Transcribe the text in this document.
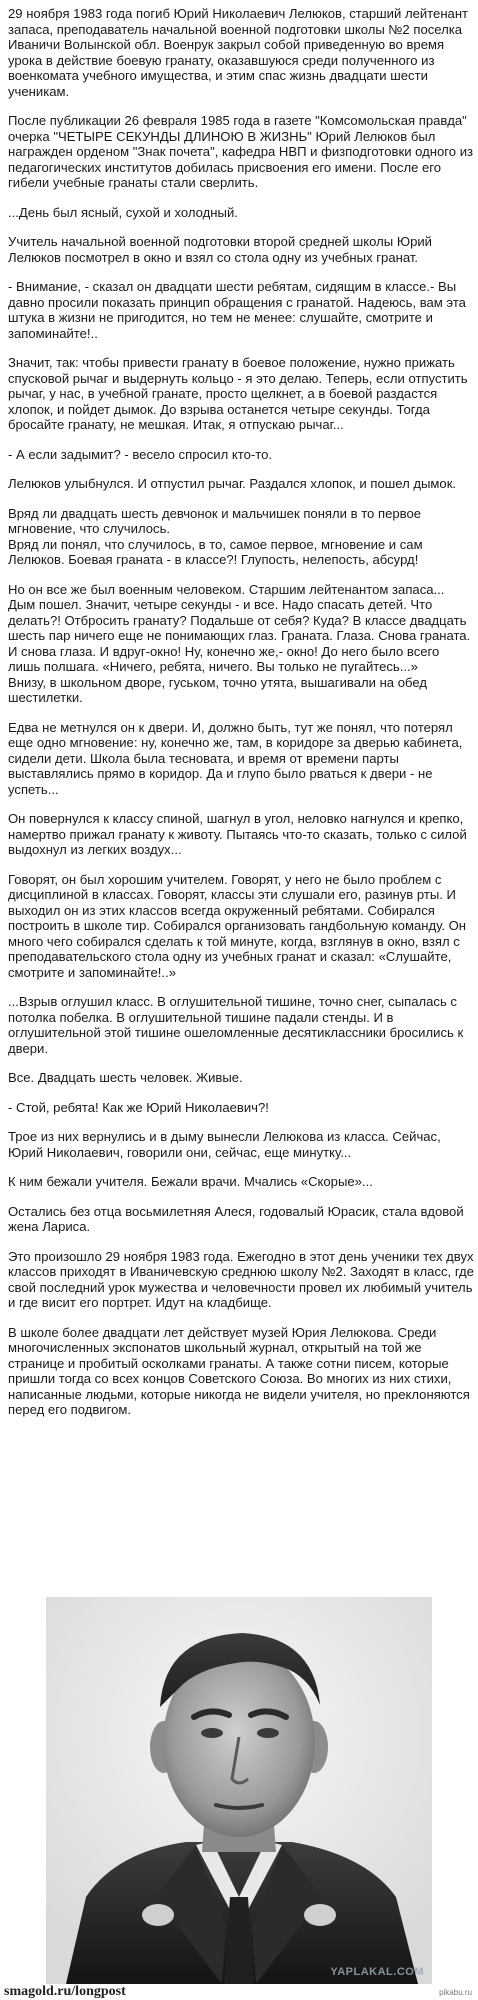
29 ноября 1983 года погиб Юрий Николаевич Лелюков, старший лейтенант запаса, преподаватель начальной военной подготовки школы №2 поселка Иваничи Волынской обл. Военрук закрыл собой приведенную во время урока в действие боевую гранату, оказавшуюся среди полученного из военкомата учебного имущества, и этим спас жизнь двадцати шести ученикам.

После публикации 26 февраля 1985 года в газете "Комсомольская правда" очерка "ЧЕТЫРЕ СЕКУНДЫ ДЛИНОЮ В ЖИЗНЬ" Юрий Лелюков был награжден орденом "Знак почета", кафедра НВП и физподготовки одного из педагогических институтов добилась присвоения его имени. После его гибели учебные гранаты стали сверлить.

...День был ясный, сухой и холодный.

Учитель начальной военной подготовки второй средней школы Юрий Лелюков посмотрел в окно и взял со стола одну из учебных гранат.

- Внимание, - сказал он двадцати шести ребятам, сидящим в классе.- Вы давно просили показать принцип обращения с гранатой. Надеюсь, вам эта штука в жизни не пригодится, но тем не менее: слушайте, смотрите и запоминайте!..

Значит, так: чтобы привести гранату в боевое положение, нужно прижать спусковой рычаг и выдернуть кольцо - я это делаю. Теперь, если отпустить рычаг, у нас, в учебной гранате, просто щелкнет, а в боевой раздастся хлопок, и пойдет дымок. До взрыва останется четыре секунды. Тогда бросайте гранату, не мешкая. Итак, я отпускаю рычаг...

- А если задымит? - весело спросил кто-то.

Лелюков улыбнулся. И отпустил рычаг. Раздался хлопок, и пошел дымок.

Вряд ли двадцать шесть девчонок и мальчишек поняли в то первое мгновение, что случилось.
Вряд ли понял, что случилось, в то, самое первое, мгновение и сам Лелюков. Боевая граната - в классе?! Глупость, нелепость, абсурд!

Но он все же был военным человеком. Старшим лейтенантом запаса... Дым пошел. Значит, четыре секунды - и все. Надо спасать детей. Что делать?! Отбросить гранату? Подальше от себя? Куда? В классе двадцать шесть пар ничего еще не понимающих глаз. Граната. Глаза. Снова граната. И снова глаза. И вдруг-окно! Ну, конечно же,- окно! До него было всего лишь полшага. «Ничего, ребята, ничего. Вы только не пугайтесь...»
Внизу, в школьном дворе, гуськом, точно утята, вышагивали на обед шестилетки.

Едва не метнулся он к двери. И, должно быть, тут же понял, что потерял еще одно мгновение: ну, конечно же, там, в коридоре за дверью кабинета, сидели дети. Школа была тесновата, и время от времени парты выставлялись прямо в коридор. Да и глупо было рваться к двери - не успеть...

Он повернулся к классу спиной, шагнул в угол, неловко нагнулся и крепко, намертво прижал гранату к животу. Пытаясь что-то сказать, только с силой выдохнул из легких воздух...

Говорят, он был хорошим учителем. Говорят, у него не было проблем с дисциплиной в классах. Говорят, классы эти слушали его, разинув рты. И выходил он из этих классов всегда окруженный ребятами. Собирался построить в школе тир. Собирался организовать гандбольную команду. Он много чего собирался сделать к той минуте, когда, взглянув в окно, взял с преподавательского стола одну из учебных гранат и сказал: «Слушайте, смотрите и запоминайте!..»

...Взрыв оглушил класс. В оглушительной тишине, точно снег, сыпалась с потолка побелка. В оглушительной тишине падали стенды. И в оглушительной этой тишине ошеломленные десятиклассники бросились к двери.

Все. Двадцать шесть человек. Живые.

- Стой, ребята! Как же Юрий Николаевич?!

Трое из них вернулись и в дыму вынесли Лелюкова из класса. Сейчас, Юрий Николаевич, говорили они, сейчас, еще минутку...

К ним бежали учителя. Бежали врачи. Мчались «Скорые»...

Остались без отца восьмилетняя Алеся, годовалый Юрасик, стала вдовой жена Лариса.

Это произошло 29 ноября 1983 года. Ежегодно в этот день ученики тех двух классов приходят в Иваничевскую среднюю школу №2. Заходят в класс, где свой последний урок мужества и человечности провел их любимый учитель и где висит его портрет. Идут на кладбище.

В школе более двадцати лет действует музей Юрия Лелюкова. Среди многочисленных экспонатов школьный журнал, открытый на той же странице и пробитый осколками гранаты. А также сотни писем, которые пришли тогда со всех концов Советского Союза. Во многих из них стихи, написанные людьми, которые никогда не видели учителя, но преклоняются перед его подвигом.

YAPLAKAL.COM
smagold.ru/longpost	pikabu.ru
